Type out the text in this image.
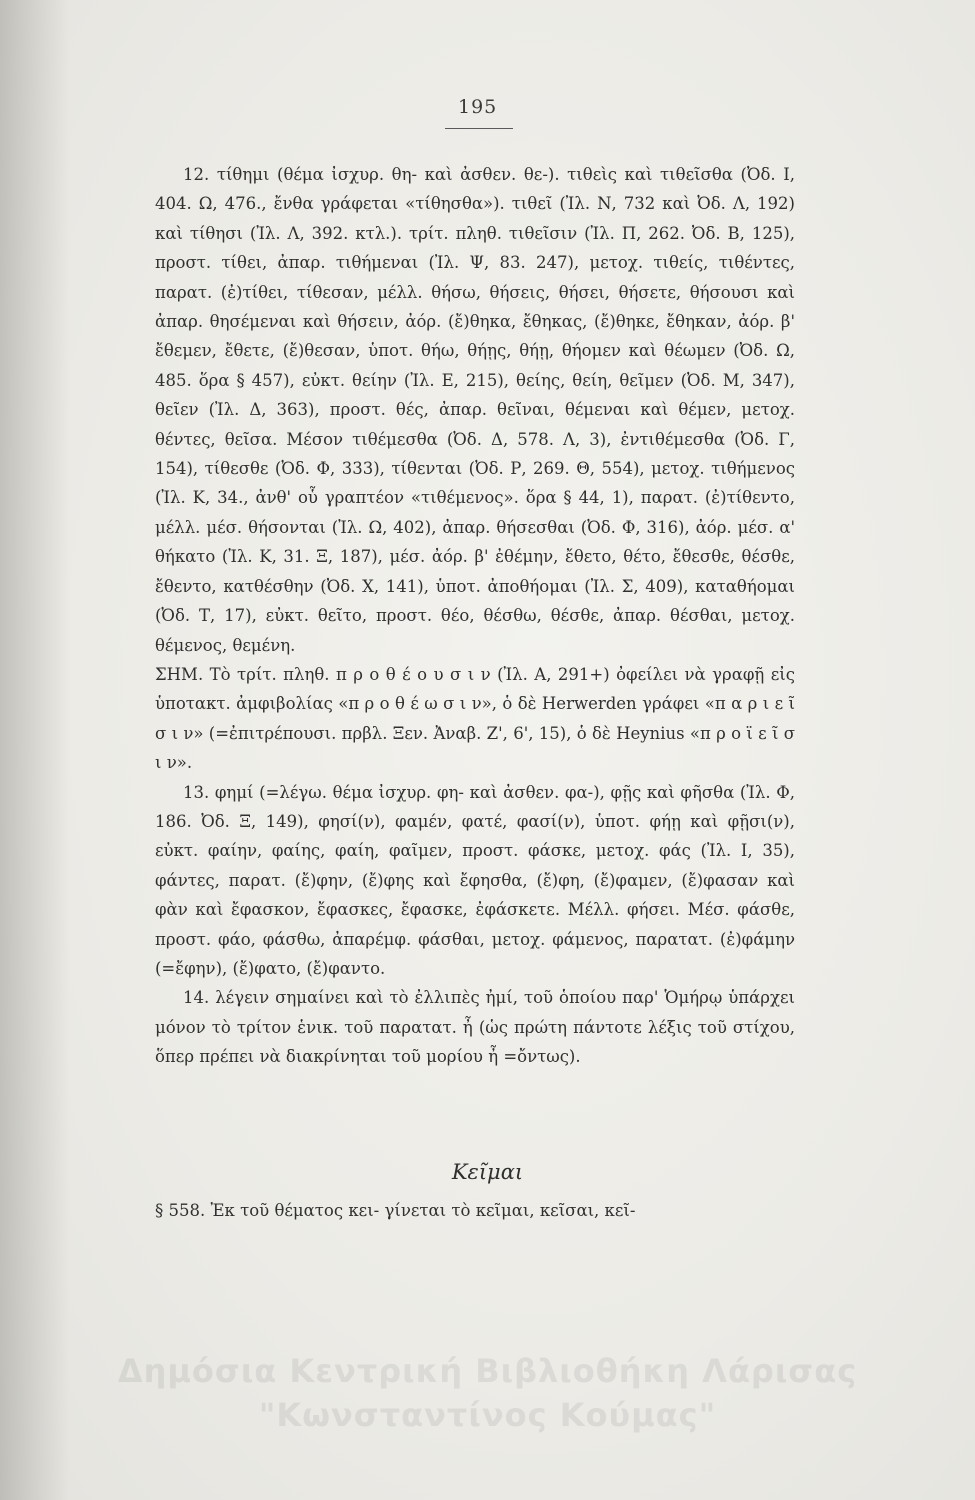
195

12. τίθημι (θέμα ἰσχυρ. θη- καὶ ἀσθεν. θε-). τιθεὶς καὶ τιθεῖσθα (Ὀδ. Ι, 404. Ω, 476., ἔνθα γράφεται «τίθησθα»). τιθεῖ (Ἰλ. Ν, 732 καὶ Ὀδ. Λ, 192) καὶ τίθησι (Ἰλ. Λ, 392. κτλ.). τρίτ. πληθ. τιθεῖσιν (Ἰλ. Π, 262. Ὀδ. Β, 125), προστ. τίθει, ἀπαρ. τιθήμεναι (Ἰλ. Ψ, 83. 247), μετοχ. τιθείς, τιθέντες, παρατ. (ἐ)τίθει, τίθεσαν, μέλλ. θήσω, θήσεις, θήσει, θήσετε, θήσουσι καὶ ἀπαρ. θησέμεναι καὶ θήσειν, ἀόρ. (ἔ)θηκα, ἔθηκας, (ἔ)θηκε, ἔθηκαν, ἀόρ. β' ἔθεμεν, ἔθετε, (ἔ)θεσαν, ὑποτ. θήω, θήῃς, θήῃ, θήομεν καὶ θέωμεν (Ὀδ. Ω, 485. ὅρα § 457), εὐκτ. θείην (Ἰλ. Ε, 215), θείης, θείη, θεῖμεν (Ὀδ. Μ, 347), θεῖεν (Ἰλ. Δ, 363), προστ. θές, ἀπαρ. θεῖναι, θέμεναι καὶ θέμεν, μετοχ. θέντες, θεῖσα. Μέσον τιθέμεσθα (Ὀδ. Δ, 578. Λ, 3), ἐντιθέμεσθα (Ὀδ. Γ, 154), τίθεσθε (Ὀδ. Φ, 333), τίθενται (Ὀδ. Ρ, 269. Θ, 554), μετοχ. τιθήμενος (Ἰλ. Κ, 34., ἀνθ' οὗ γραπτέον «τιθέμενος». ὅρα § 44, 1), παρατ. (ἐ)τίθεντο, μέλλ. μέσ. θήσονται (Ἰλ. Ω, 402), ἀπαρ. θήσεσθαι (Ὀδ. Φ, 316), ἀόρ. μέσ. α' θήκατο (Ἰλ. Κ, 31. Ξ, 187), μέσ. ἀόρ. β' ἐθέμην, ἔθετο, θέτο, ἔθεσθε, θέσθε, ἔθεντο, κατθέσθην (Ὀδ. Χ, 141), ὑποτ. ἀποθήομαι (Ἰλ. Σ, 409), καταθήομαι (Ὀδ. Τ, 17), εὐκτ. θεῖτο, προστ. θέο, θέσθω, θέσθε, ἀπαρ. θέσθαι, μετοχ. θέμενος, θεμένη.

ΣΗΜ. Τὸ τρίτ. πληθ. π ρ ο θ έ ο υ σ ι ν (Ἰλ. Α, 291+) ὀφείλει νὰ γραφῇ εἰς ὑποτακτ. ἀμφιβολίας «π ρ ο θ έ ω σ ι ν», ὁ δὲ Herwerden γράφει «π α ρ ι ε ῖ σ ι ν» (=ἐπιτρέπουσι. πρβλ. Ξεν. Ἀναβ. Ζ', 6', 15), ὁ δὲ Heynius «π ρ ο ϊ ε ῖ σ ι ν».

13. φημί (=λέγω. θέμα ἰσχυρ. φη- καὶ ἀσθεν. φα-), φῇς καὶ φῆσθα (Ἰλ. Φ, 186. Ὀδ. Ξ, 149), φησί(ν), φαμέν, φατέ, φασί(ν), ὑποτ. φήῃ καὶ φῇσι(ν), εὐκτ. φαίην, φαίης, φαίη, φαῖμεν, προστ. φάσκε, μετοχ. φάς (Ἰλ. Ι, 35), φάντες, παρατ. (ἔ)φην, (ἔ)φης καὶ ἔφησθα, (ἔ)φη, (ἔ)φαμεν, (ἔ)φασαν καὶ φὰν καὶ ἔφασκον, ἔφασκες, ἔφασκε, ἐφάσκετε. Μέλλ. φήσει. Μέσ. φάσθε, προστ. φάο, φάσθω, ἀπαρέμφ. φάσθαι, μετοχ. φάμενος, παρατατ. (ἐ)φάμην (=ἔφην), (ἔ)φατο, (ἔ)φαντο.

14. λέγειν σημαίνει καὶ τὸ ἐλλιπὲς ἠμί, τοῦ ὁποίου παρ' Ὁμήρῳ ὑπάρχει μόνον τὸ τρίτον ἑνικ. τοῦ παρατατ. ἦ (ὡς πρώτη πάντοτε λέξις τοῦ στίχου, ὅπερ πρέπει νὰ διακρίνηται τοῦ μορίου ἦ =ὄντως).

Κεῖμαι
§ 558. Ἐκ τοῦ θέματος κει- γίνεται τὸ κεῖμαι, κεῖσαι, κεῖ-
Δημόσια Κεντρική Βιβλιοθήκη Λάρισας
"Κωνσταντίνος Κούμας"
